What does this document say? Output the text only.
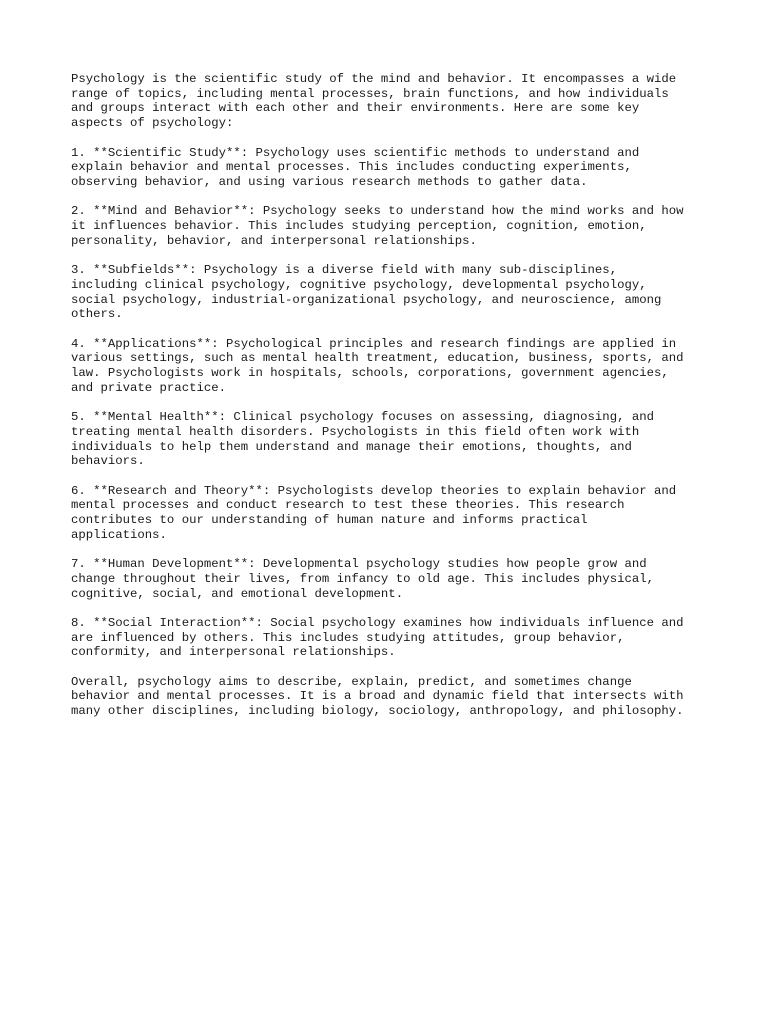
Psychology is the scientific study of the mind and behavior. It encompasses a wide
range of topics, including mental processes, brain functions, and how individuals
and groups interact with each other and their environments. Here are some key
aspects of psychology:

1. **Scientific Study**: Psychology uses scientific methods to understand and
explain behavior and mental processes. This includes conducting experiments,
observing behavior, and using various research methods to gather data.

2. **Mind and Behavior**: Psychology seeks to understand how the mind works and how
it influences behavior. This includes studying perception, cognition, emotion,
personality, behavior, and interpersonal relationships.

3. **Subfields**: Psychology is a diverse field with many sub-disciplines,
including clinical psychology, cognitive psychology, developmental psychology,
social psychology, industrial-organizational psychology, and neuroscience, among
others.

4. **Applications**: Psychological principles and research findings are applied in
various settings, such as mental health treatment, education, business, sports, and
law. Psychologists work in hospitals, schools, corporations, government agencies,
and private practice.

5. **Mental Health**: Clinical psychology focuses on assessing, diagnosing, and
treating mental health disorders. Psychologists in this field often work with
individuals to help them understand and manage their emotions, thoughts, and
behaviors.

6. **Research and Theory**: Psychologists develop theories to explain behavior and
mental processes and conduct research to test these theories. This research
contributes to our understanding of human nature and informs practical
applications.

7. **Human Development**: Developmental psychology studies how people grow and
change throughout their lives, from infancy to old age. This includes physical,
cognitive, social, and emotional development.

8. **Social Interaction**: Social psychology examines how individuals influence and
are influenced by others. This includes studying attitudes, group behavior,
conformity, and interpersonal relationships.

Overall, psychology aims to describe, explain, predict, and sometimes change
behavior and mental processes. It is a broad and dynamic field that intersects with
many other disciplines, including biology, sociology, anthropology, and philosophy.
